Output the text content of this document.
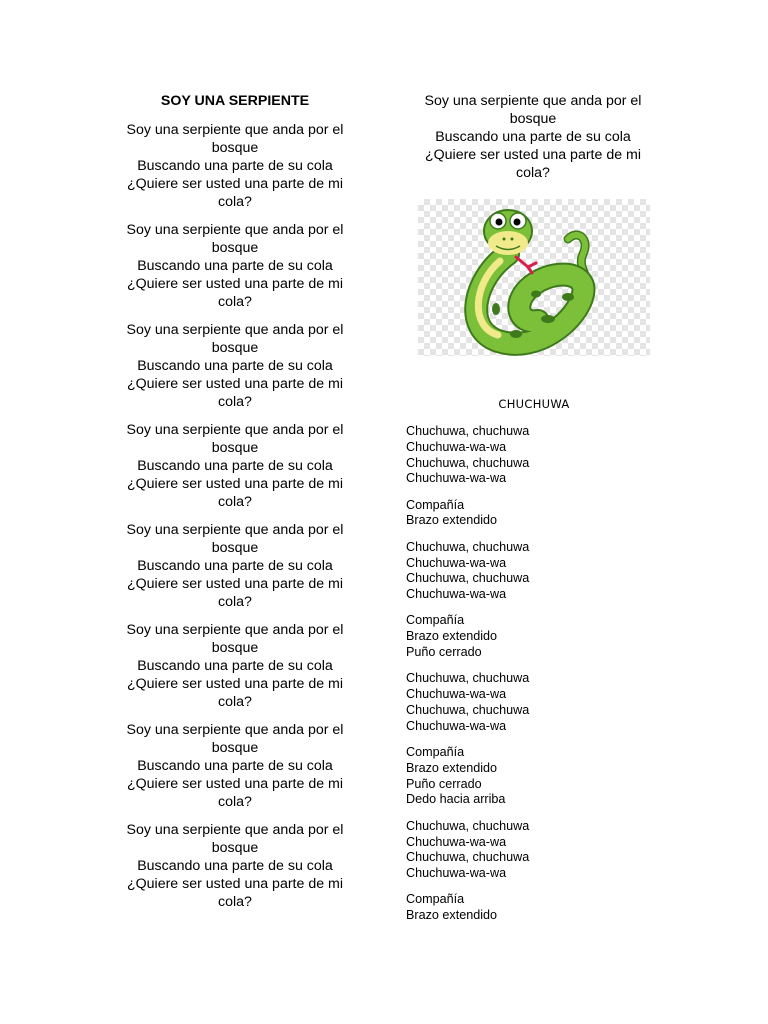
SOY UNA SERPIENTE
Soy una serpiente que anda por el
bosque
Buscando una parte de su cola
¿Quiere ser usted una parte de mi
cola?
Soy una serpiente que anda por el
bosque
Buscando una parte de su cola
¿Quiere ser usted una parte de mi
cola?
Soy una serpiente que anda por el
bosque
Buscando una parte de su cola
¿Quiere ser usted una parte de mi
cola?
Soy una serpiente que anda por el
bosque
Buscando una parte de su cola
¿Quiere ser usted una parte de mi
cola?
Soy una serpiente que anda por el
bosque
Buscando una parte de su cola
¿Quiere ser usted una parte de mi
cola?
Soy una serpiente que anda por el
bosque
Buscando una parte de su cola
¿Quiere ser usted una parte de mi
cola?
Soy una serpiente que anda por el
bosque
Buscando una parte de su cola
¿Quiere ser usted una parte de mi
cola?
Soy una serpiente que anda por el
bosque
Buscando una parte de su cola
¿Quiere ser usted una parte de mi
cola?
Soy una serpiente que anda por el
bosque
Buscando una parte de su cola
¿Quiere ser usted una parte de mi
cola?
CHUCHUWA
Chuchuwa, chuchuwa
Chuchuwa-wa-wa
Chuchuwa, chuchuwa
Chuchuwa-wa-wa
Compañía
Brazo extendido
Chuchuwa, chuchuwa
Chuchuwa-wa-wa
Chuchuwa, chuchuwa
Chuchuwa-wa-wa
Compañía
Brazo extendido
Puño cerrado
Chuchuwa, chuchuwa
Chuchuwa-wa-wa
Chuchuwa, chuchuwa
Chuchuwa-wa-wa
Compañía
Brazo extendido
Puño cerrado
Dedo hacia arriba
Chuchuwa, chuchuwa
Chuchuwa-wa-wa
Chuchuwa, chuchuwa
Chuchuwa-wa-wa
Compañía
Brazo extendido
